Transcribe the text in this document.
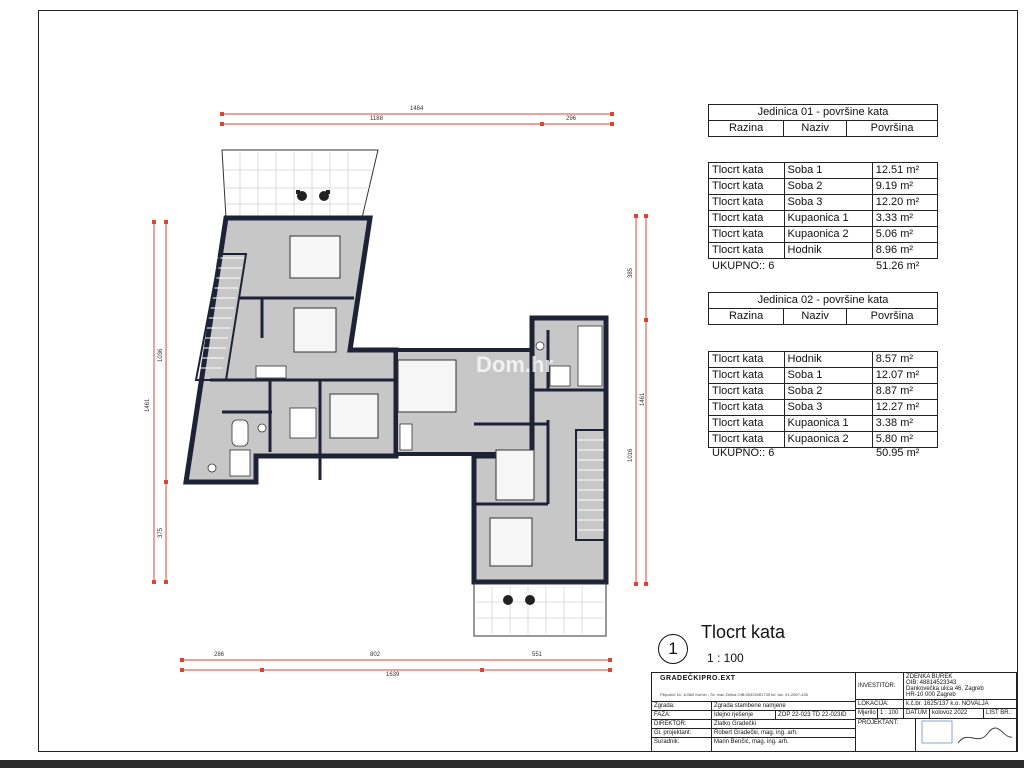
Dom.hr
1484
1188	296
1639
286	802	551
1461
1036
375
1461
385
1016
Jedinica 01 - površine kata
Razina	Naziv	Površina
Tlocrt kata	Soba 1	12.51 m²
Tlocrt kata	Soba 2	9.19 m²
Tlocrt kata	Soba 3	12.20 m²
Tlocrt kata	Kupaonica 1	3.33 m²
Tlocrt kata	Kupaonica 2	5.06 m²
Tlocrt kata	Hodnik	8.96 m²
UKUPNO:: 6	51.26 m²
Jedinica 02 - površine kata
Razina	Naziv	Površina
Tlocrt kata	Hodnik	8.57 m²
Tlocrt kata	Soba 1	12.07 m²
Tlocrt kata	Soba 2	8.87 m²
Tlocrt kata	Soba 3	12.27 m²
Tlocrt kata	Kupaonica 1	3.38 m²
Tlocrt kata	Kupaonica 2	5.80 m²
UKUPNO:: 6	50.95 m²
1
Tlocrt kata
1 : 100
Zgrada:	Zgrada stambene namjene
FAZA:	Idejno rješenje	ZOP 22-023 TD 22-023ID
DIREKTOR:	Zlatko Gradečki
Gl. projektant:	Robert Gradečki, mag. ing. arh.
Suradnik:	Marin Benčić, mag. ing. arh.
INVESTITOR:
ZDENKA BUREK
OIB: 48814523343
Dankovečka ulica 46, Zagreb
HR-10 000 Zagreb
LOKACIJA:	k.č.br. 1625/137 k.o. NOVALJA
Mjerilo 1 : 100	DATUM kolovoz 2022	LIST BR.:
PROJEKTANT:
GRADEČKIPRO.EXT
Filipovići 1b, 10360 Kumin - Sv. Ivan Zelina OIB:55323081735 tel. fax. 01-2057-435
